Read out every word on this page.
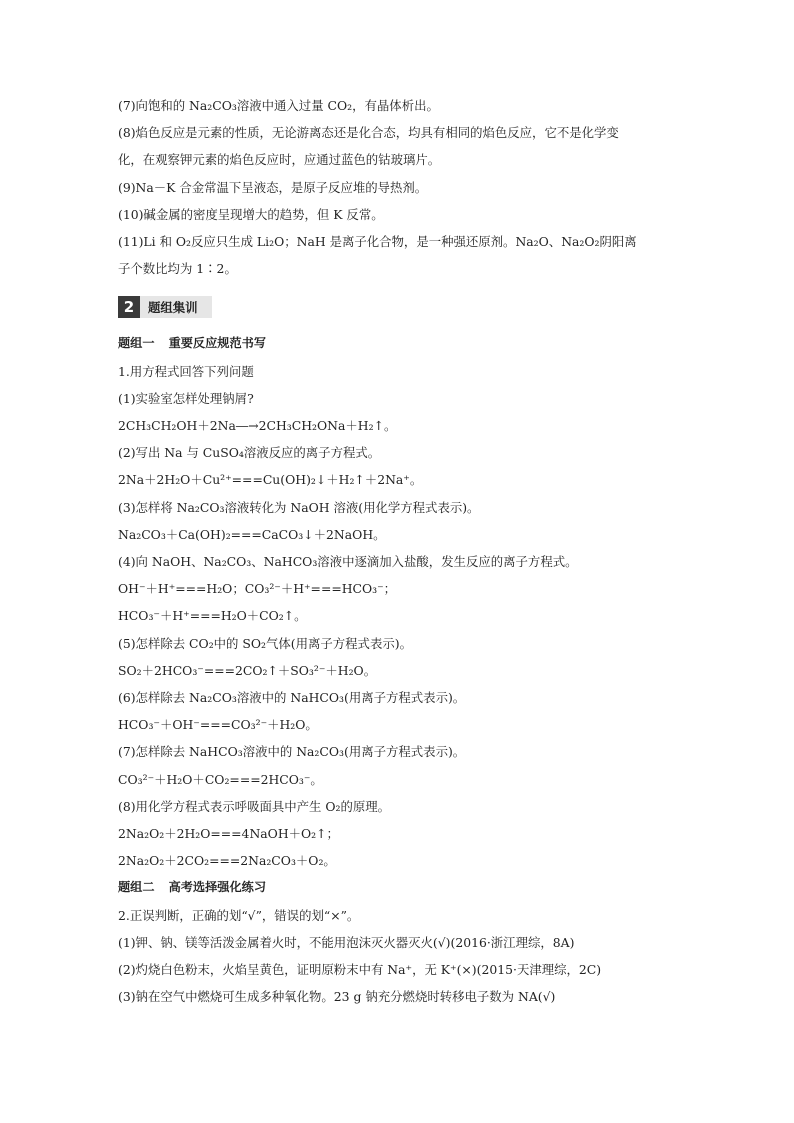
(7)向饱和的 Na₂CO₃溶液中通入过量 CO₂，有晶体析出。
(8)焰色反应是元素的性质，无论游离态还是化合态，均具有相同的焰色反应，它不是化学变
化，在观察钾元素的焰色反应时，应通过蓝色的钴玻璃片。
(9)Na－K 合金常温下呈液态，是原子反应堆的导热剂。
(10)碱金属的密度呈现增大的趋势，但 K 反常。
(11)Li 和 O₂反应只生成 Li₂O；NaH 是离子化合物，是一种强还原剂。Na₂O、Na₂O₂阴阳离
子个数比均为 1∶2。
2	题组集训
题组一 重要反应规范书写
1.用方程式回答下列问题
(1)实验室怎样处理钠屑?
2CH₃CH₂OH＋2Na―→2CH₃CH₂ONa＋H₂↑。
(2)写出 Na 与 CuSO₄溶液反应的离子方程式。
2Na＋2H₂O＋Cu²⁺===Cu(OH)₂↓＋H₂↑＋2Na⁺。
(3)怎样将 Na₂CO₃溶液转化为 NaOH 溶液(用化学方程式表示)。
Na₂CO₃＋Ca(OH)₂===CaCO₃↓＋2NaOH。
(4)向 NaOH、Na₂CO₃、NaHCO₃溶液中逐滴加入盐酸，发生反应的离子方程式。
OH⁻＋H⁺===H₂O；CO₃²⁻＋H⁺===HCO₃⁻；
HCO₃⁻＋H⁺===H₂O＋CO₂↑。
(5)怎样除去 CO₂中的 SO₂气体(用离子方程式表示)。
SO₂＋2HCO₃⁻===2CO₂↑＋SO₃²⁻＋H₂O。
(6)怎样除去 Na₂CO₃溶液中的 NaHCO₃(用离子方程式表示)。
HCO₃⁻＋OH⁻===CO₃²⁻＋H₂O。
(7)怎样除去 NaHCO₃溶液中的 Na₂CO₃(用离子方程式表示)。
CO₃²⁻＋H₂O＋CO₂===2HCO₃⁻。
(8)用化学方程式表示呼吸面具中产生 O₂的原理。
2Na₂O₂＋2H₂O===4NaOH＋O₂↑；
2Na₂O₂＋2CO₂===2Na₂CO₃＋O₂。
题组二 高考选择强化练习
2.正误判断，正确的划“√”，错误的划“×”。
(1)钾、钠、镁等活泼金属着火时，不能用泡沫灭火器灭火(√)(2016·浙江理综，8A)
(2)灼烧白色粉末，火焰呈黄色，证明原粉末中有 Na⁺，无 K⁺(×)(2015·天津理综，2C)
(3)钠在空气中燃烧可生成多种氧化物。23 g 钠充分燃烧时转移电子数为 NA(√)
